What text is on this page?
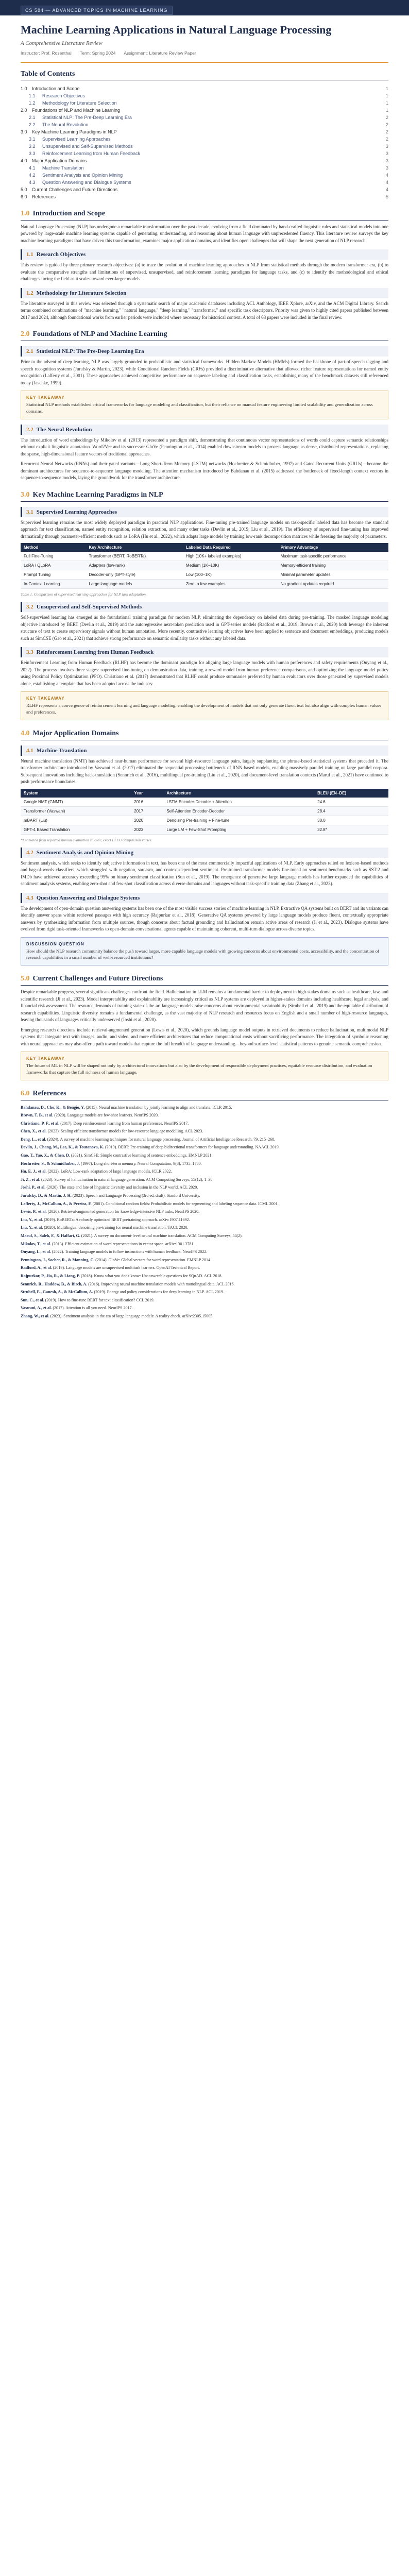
CS 584 — ADVANCED TOPICS IN MACHINE LEARNING
Machine Learning Applications in Natural Language Processing
A Comprehensive Literature Review
Instructor: Prof. Rosenthal Term: Spring 2024 Assignment: Literature Review Paper
Table of Contents
1.0	Introduction and Scope	1
1.1	Research Objectives	1
1.2	Methodology for Literature Selection	1
2.0	Foundations of NLP and Machine Learning	1
2.1	Statistical NLP: The Pre-Deep Learning Era	2
2.2	The Neural Revolution	2
3.0	Key Machine Learning Paradigms in NLP	2
3.1	Supervised Learning Approaches	2
3.2	Unsupervised and Self-Supervised Methods	3
3.3	Reinforcement Learning from Human Feedback	3
4.0	Major Application Domains	3
4.1	Machine Translation	3
4.2	Sentiment Analysis and Opinion Mining	4
4.3	Question Answering and Dialogue Systems	4
5.0	Current Challenges and Future Directions	4
6.0	References	5
1.0 Introduction and Scope

Natural Language Processing (NLP) has undergone a remarkable transformation over the past decade, evolving from a field dominated by hand-crafted linguistic rules and statistical models into one powered by large-scale machine learning systems capable of generating, understanding, and reasoning about human language with unprecedented fluency. This literature review surveys the key machine learning paradigms that have driven this transformation, examines major application domains, and identifies open challenges that will shape the next generation of NLP research.

1.1 Research Objectives

This review is guided by three primary research objectives: (a) to trace the evolution of machine learning approaches in NLP from statistical methods through the modern transformer era, (b) to evaluate the comparative strengths and limitations of supervised, unsupervised, and reinforcement learning paradigms for language tasks, and (c) to identify the methodological and ethical challenges facing the field as it scales toward ever-larger models.

1.2 Methodology for Literature Selection

The literature surveyed in this review was selected through a systematic search of major academic databases including ACL Anthology, IEEE Xplore, arXiv, and the ACM Digital Library. Search terms combined combinations of "machine learning," "natural language," "deep learning," "transformer," and specific task descriptors. Priority was given to highly cited papers published between 2017 and 2024, although foundational works from earlier periods were included where necessary for historical context. A total of 68 papers were included in the final review.

2.0 Foundations of NLP and Machine Learning
2.1 Statistical NLP: The Pre-Deep Learning Era

Prior to the advent of deep learning, NLP was largely grounded in probabilistic and statistical frameworks. Hidden Markov Models (HMMs) formed the backbone of part-of-speech tagging and speech recognition systems (Jurafsky & Martin, 2023), while Conditional Random Fields (CRFs) provided a discriminative alternative that allowed richer feature representations for named entity recognition (Lafferty et al., 2001). These approaches achieved competitive performance on sequence labeling and classification tasks, establishing many of the benchmark datasets still referenced today (Jaschke, 1999).

KEY TAKEAWAY

Statistical NLP methods established critical frameworks for language modeling and classification, but their reliance on manual feature engineering limited scalability and generalization across domains.

2.2 The Neural Revolution

The introduction of word embeddings by Mikolov et al. (2013) represented a paradigm shift, demonstrating that continuous vector representations of words could capture semantic relationships without explicit linguistic annotation. Word2Vec and its successor GloVe (Pennington et al., 2014) enabled downstream models to process language as dense, distributed representations, replacing the sparse, high-dimensional feature vectors of traditional approaches.

Recurrent Neural Networks (RNNs) and their gated variants—Long Short-Term Memory (LSTM) networks (Hochreiter & Schmidhuber, 1997) and Gated Recurrent Units (GRUs)—became the dominant architectures for sequence-to-sequence language modeling. The attention mechanism introduced by Bahdanau et al. (2015) addressed the bottleneck of fixed-length context vectors in sequence-to-sequence models, laying the groundwork for the transformer architecture.

3.0 Key Machine Learning Paradigms in NLP
3.1 Supervised Learning Approaches

Supervised learning remains the most widely deployed paradigm in practical NLP applications. Fine-tuning pre-trained language models on task-specific labeled data has become the standard approach for text classification, named entity recognition, relation extraction, and many other tasks (Devlin et al., 2019; Liu et al., 2019). The efficiency of supervised fine-tuning has improved dramatically through parameter-efficient methods such as LoRA (Hu et al., 2022), which adapts large models by training low-rank decomposition matrices while freezing the majority of parameters.

Method	Key Architecture	Labeled Data Required	Primary Advantage
Full Fine-Tuning	Transformer (BERT, RoBERTa)	High (10K+ labeled examples)	Maximum task-specific performance
LoRA / QLoRA	Adapters (low-rank)	Medium (1K–10K)	Memory-efficient training
Prompt Tuning	Decoder-only (GPT-style)	Low (100–1K)	Minimal parameter updates
In-Context Learning	Large language models	Zero to few examples	No gradient updates required
Table 1. Comparison of supervised learning approaches for NLP task adaptation.
3.2 Unsupervised and Self-Supervised Methods

Self-supervised learning has emerged as the foundational training paradigm for modern NLP, eliminating the dependency on labeled data during pre-training. The masked language modeling objective introduced by BERT (Devlin et al., 2019) and the autoregressive next-token prediction used in GPT-series models (Radford et al., 2019; Brown et al., 2020) both leverage the inherent structure of text to create supervisory signals without human annotation. More recently, contrastive learning objectives have been applied to sentence and document embeddings, producing models such as SimCSE (Gao et al., 2021) that achieve strong performance on semantic similarity tasks without any labeled data.

3.3 Reinforcement Learning from Human Feedback

Reinforcement Learning from Human Feedback (RLHF) has become the dominant paradigm for aligning large language models with human preferences and safety requirements (Ouyang et al., 2022). The process involves three stages: supervised fine-tuning on demonstration data, training a reward model from human preference comparisons, and optimizing the language model policy using Proximal Policy Optimization (PPO). Christiano et al. (2017) demonstrated that RLHF could produce summaries preferred by human evaluators over those generated by supervised models alone, establishing a template that has been adopted across the industry.

KEY TAKEAWAY

RLHF represents a convergence of reinforcement learning and language modeling, enabling the development of models that not only generate fluent text but also align with complex human values and preferences.

4.0 Major Application Domains
4.1 Machine Translation

Neural machine translation (NMT) has achieved near-human performance for several high-resource language pairs, largely supplanting the phrase-based statistical systems that preceded it. The transformer architecture introduced by Vaswani et al. (2017) eliminated the sequential processing bottleneck of RNN-based models, enabling massively parallel training on large parallel corpora. Subsequent innovations including back-translation (Sennrich et al., 2016), multilingual pre-training (Liu et al., 2020), and document-level translation contexts (Maruf et al., 2021) have continued to push performance boundaries.

System	Year	Architecture	BLEU (EN–DE)
Google NMT (GNMT)	2016	LSTM Encoder-Decoder + Attention	24.6
Transformer (Vaswani)	2017	Self-Attention Encoder-Decoder	28.4
mBART (Liu)	2020	Denoising Pre-training + Fine-tune	30.0
GPT-4 Based Translation	2023	Large LM + Few-Shot Prompting	32.8*
*Estimated from reported human evaluation studies; exact BLEU comparison varies.
4.2 Sentiment Analysis and Opinion Mining

Sentiment analysis, which seeks to identify subjective information in text, has been one of the most commercially impactful applications of NLP. Early approaches relied on lexicon-based methods and bag-of-words classifiers, which struggled with negation, sarcasm, and context-dependent sentiment. Pre-trained transformer models fine-tuned on sentiment benchmarks such as SST-2 and IMDb have achieved accuracy exceeding 95% on binary sentiment classification (Sun et al., 2019). The emergence of generative large language models has further expanded the capabilities of sentiment analysis systems, enabling zero-shot and few-shot classification across diverse domains and languages without task-specific training data (Zhang et al., 2023).

4.3 Question Answering and Dialogue Systems

The development of open-domain question answering systems has been one of the most visible success stories of machine learning in NLP. Extractive QA systems built on BERT and its variants can identify answer spans within retrieved passages with high accuracy (Rajpurkar et al., 2018). Generative QA systems powered by large language models produce fluent, contextually appropriate answers by synthesizing information from multiple sources, though concerns about factual grounding and hallucination remain active areas of research (Ji et al., 2023). Dialogue systems have evolved from rigid task-oriented frameworks to open-domain conversational agents capable of maintaining coherent, multi-turn dialogue across diverse topics.

DISCUSSION QUESTION

How should the NLP research community balance the push toward larger, more capable language models with growing concerns about environmental costs, accessibility, and the concentration of research capabilities in a small number of well-resourced institutions?

5.0 Current Challenges and Future Directions

Despite remarkable progress, several significant challenges confront the field. Hallucination in LLM remains a fundamental barrier to deployment in high-stakes domains such as healthcare, law, and scientific research (Ji et al., 2023). Model interpretability and explainability are increasingly critical as NLP systems are deployed in higher-stakes domains including healthcare, legal analysis, and financial risk assessment. The resource demands of training state-of-the-art language models raise concerns about environmental sustainability (Strubell et al., 2019) and the equitable distribution of research capabilities. Linguistic diversity remains a fundamental challenge, as the vast majority of NLP research and resources focus on English and a small number of high-resource languages, leaving thousands of languages critically underserved (Joshi et al., 2020).

Emerging research directions include retrieval-augmented generation (Lewis et al., 2020), which grounds language model outputs in retrieved documents to reduce hallucination, multimodal NLP systems that integrate text with images, audio, and video, and more efficient architectures that reduce computational costs without sacrificing performance. The integration of symbolic reasoning with neural approaches may also offer a path toward models that capture the full breadth of language understanding—beyond surface-level statistical patterns to genuine semantic comprehension.

KEY TAKEAWAY

The future of ML in NLP will be shaped not only by architectural innovations but also by the development of responsible deployment practices, equitable resource distribution, and evaluation frameworks that capture the full richness of human language.

6.0 References
Bahdanau, D., Cho, K., & Bengio, Y. (2015). Neural machine translation by jointly learning to align and translate. ICLR 2015.
Brown, T. B., et al. (2020). Language models are few-shot learners. NeurIPS 2020.
Christiano, P. F., et al. (2017). Deep reinforcement learning from human preferences. NeurIPS 2017.
Chen, X., et al. (2023). Scaling efficient transformer models for low-resource language modelling. ACL 2023.
Deng, L., et al. (2024). A survey of machine learning techniques for natural language processing. Journal of Artificial Intelligence Research, 79, 215–268.
Devlin, J., Chang, M., Lee, K., & Toutanova, K. (2019). BERT: Pre-training of deep bidirectional transformers for language understanding. NAACL 2019.
Gao, T., Yao, X., & Chen, D. (2021). SimCSE: Simple contrastive learning of sentence embeddings. EMNLP 2021.
Hochreiter, S., & Schmidhuber, J. (1997). Long short-term memory. Neural Computation, 9(8), 1735–1780.
Hu, E. J., et al. (2022). LoRA: Low-rank adaptation of large language models. ICLR 2022.
Ji, Z., et al. (2023). Survey of hallucination in natural language generation. ACM Computing Surveys, 55(12), 1–38.
Joshi, P., et al. (2020). The state and fate of linguistic diversity and inclusion in the NLP world. ACL 2020.
Jurafsky, D., & Martin, J. H. (2023). Speech and Language Processing (3rd ed. draft). Stanford University.
Lafferty, J., McCallum, A., & Pereira, F. (2001). Conditional random fields: Probabilistic models for segmenting and labeling sequence data. ICML 2001.
Lewis, P., et al. (2020). Retrieval-augmented generation for knowledge-intensive NLP tasks. NeurIPS 2020.
Liu, Y., et al. (2019). RoBERTa: A robustly optimized BERT pretraining approach. arXiv:1907.11692.
Liu, Y., et al. (2020). Multilingual denoising pre-training for neural machine translation. TACL 2020.
Maruf, S., Saleh, F., & Haffari, G. (2021). A survey on document-level neural machine translation. ACM Computing Surveys, 54(2).
Mikolov, T., et al. (2013). Efficient estimation of word representations in vector space. arXiv:1301.3781.
Ouyang, L., et al. (2022). Training language models to follow instructions with human feedback. NeurIPS 2022.
Pennington, J., Socher, R., & Manning, C. (2014). GloVe: Global vectors for word representation. EMNLP 2014.
Radford, A., et al. (2019). Language models are unsupervised multitask learners. OpenAI Technical Report.
Rajpurkar, P., Jia, R., & Liang, P. (2018). Know what you don't know: Unanswerable questions for SQuAD. ACL 2018.
Sennrich, R., Haddow, B., & Birch, A. (2016). Improving neural machine translation models with monolingual data. ACL 2016.
Strubell, E., Ganesh, A., & McCallum, A. (2019). Energy and policy considerations for deep learning in NLP. ACL 2019.
Sun, C., et al. (2019). How to fine-tune BERT for text classification? CCL 2019.
Vaswani, A., et al. (2017). Attention is all you need. NeurIPS 2017.
Zhang, W., et al. (2023). Sentiment analysis in the era of large language models: A reality check. arXiv:2305.15005.
